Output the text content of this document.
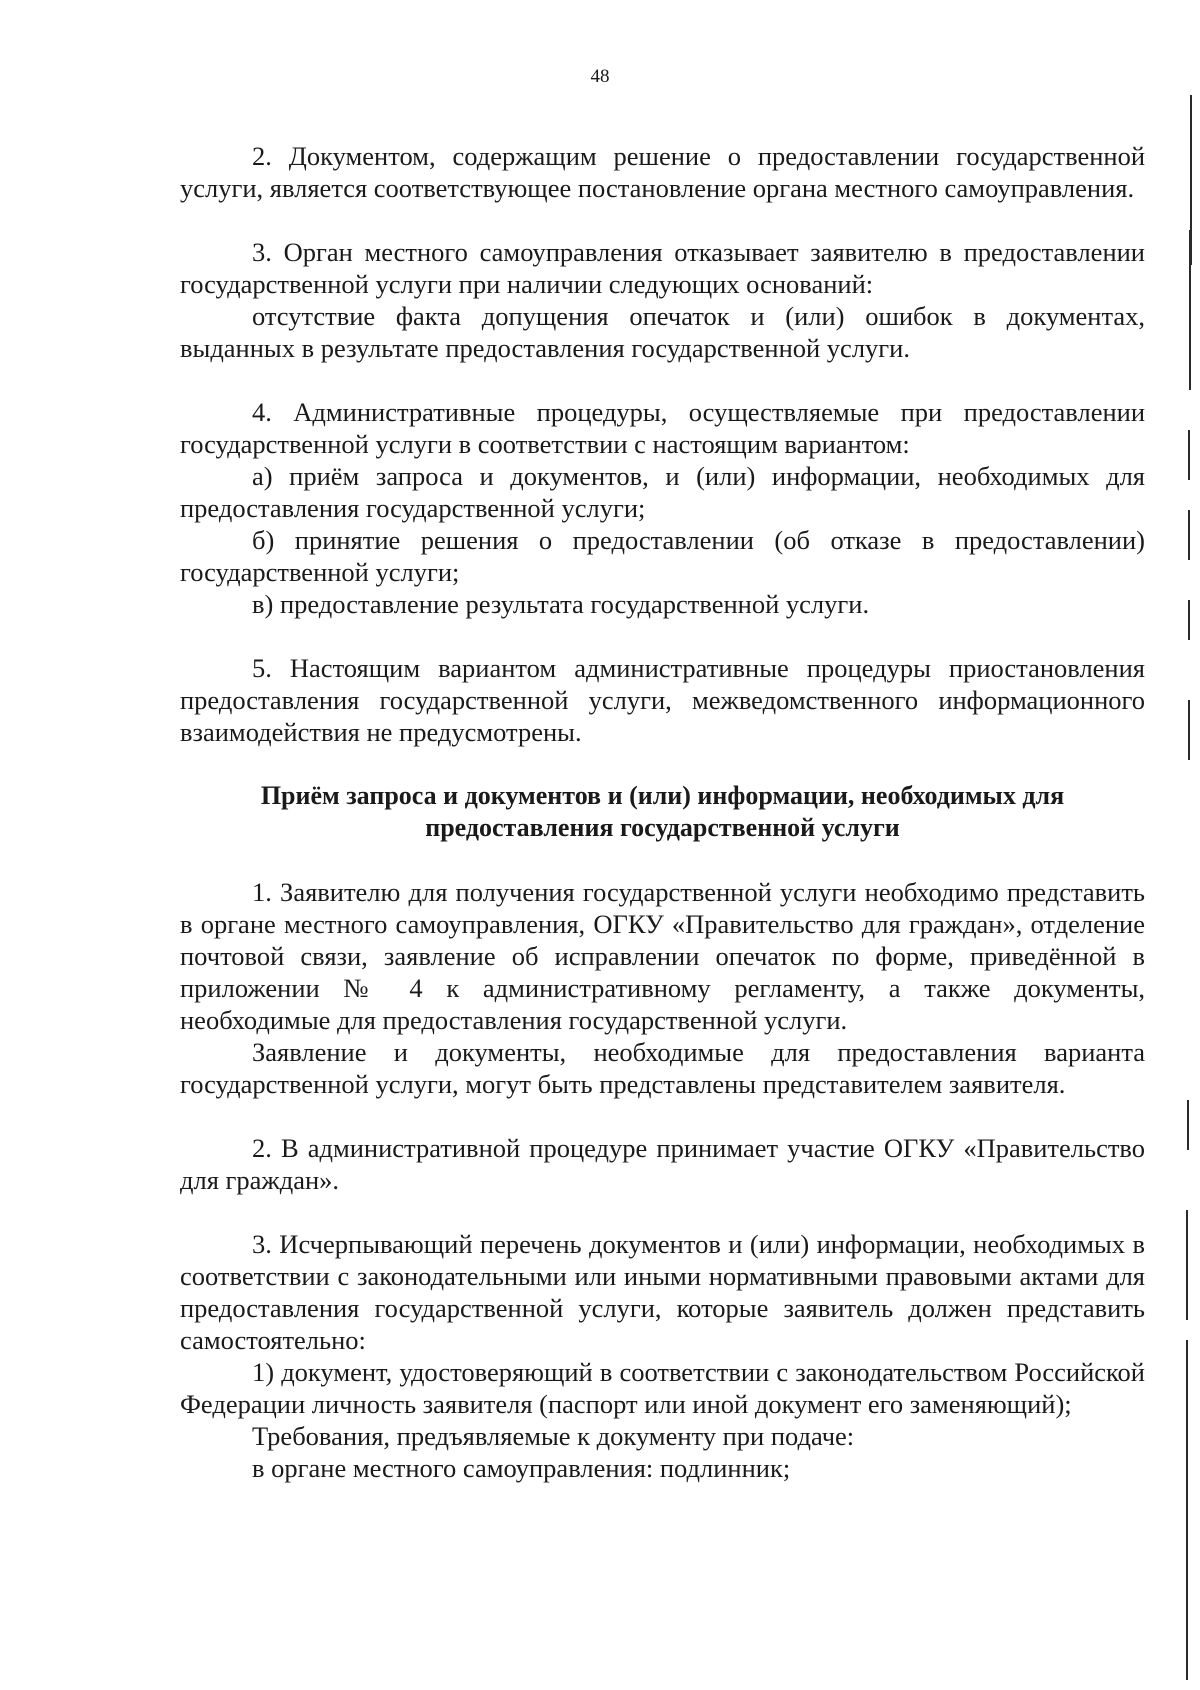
48

2. Документом, содержащим решение о предоставлении государственной услуги, является соответствующее постановление органа местного самоуправления.

3. Орган местного самоуправления отказывает заявителю в предоставлении государственной услуги при наличии следующих оснований:

отсутствие факта допущения опечаток и (или) ошибок в документах, выданных в результате предоставления государственной услуги.

4. Административные процедуры, осуществляемые при предоставлении государственной услуги в соответствии с настоящим вариантом:

а) приём запроса и документов, и (или) информации, необходимых для предоставления государственной услуги;

б) принятие решения о предоставлении (об отказе в предоставлении) государственной услуги;

в) предоставление результата государственной услуги.

5. Настоящим вариантом административные процедуры приостановления предоставления государственной услуги, межведомственного информационного взаимодействия не предусмотрены.

Приём запроса и документов и (или) информации, необходимых для предоставления государственной услуги

1. Заявителю для получения государственной услуги необходимо представить в органе местного самоуправления, ОГКУ «Правительство для граждан», отделение почтовой связи, заявление об исправлении опечаток по форме, приведённой в приложении № 4 к административному регламенту, а также документы, необходимые для предоставления государственной услуги.

Заявление и документы, необходимые для предоставления варианта государственной услуги, могут быть представлены представителем заявителя.

2. В административной процедуре принимает участие ОГКУ «Правительство для граждан».

3. Исчерпывающий перечень документов и (или) информации, необходимых в соответствии с законодательными или иными нормативными правовыми актами для предоставления государственной услуги, которые заявитель должен представить самостоятельно:

1) документ, удостоверяющий в соответствии с законодательством Российской Федерации личность заявителя (паспорт или иной документ его заменяющий);

Требования, предъявляемые к документу при подаче:

в органе местного самоуправления: подлинник;
